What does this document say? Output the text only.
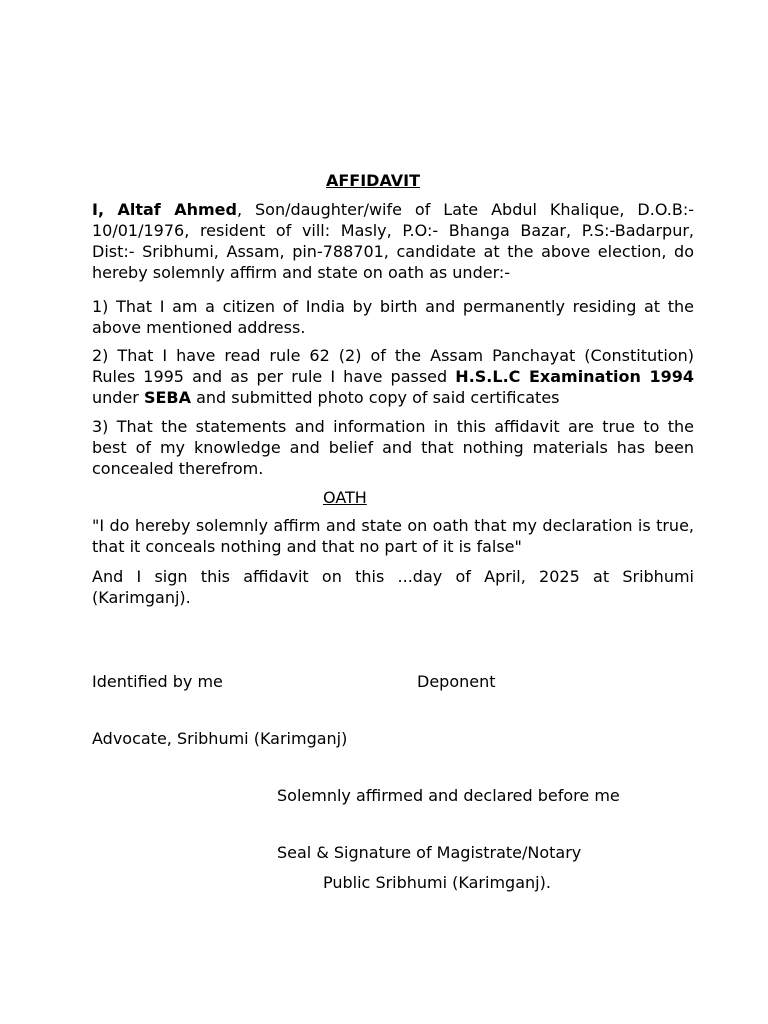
AFFIDAVIT
I, Altaf Ahmed, Son/daughter/wife of Late Abdul Khalique, D.O.B:- 10/01/1976, resident of vill: Masly, P.O:- Bhanga Bazar, P.S:-Badarpur, Dist:- Sribhumi, Assam, pin-788701, candidate at the above election, do hereby solemnly affirm and state on oath as under:-
1) That I am a citizen of India by birth and permanently residing at the above mentioned address.
2) That I have read rule 62 (2) of the Assam Panchayat (Constitution) Rules 1995 and as per rule I have passed H.S.L.C Examination 1994 under SEBA and submitted photo copy of said certificates
3) That the statements and information in this affidavit are true to the best of my knowledge and belief and that nothing materials has been concealed therefrom.
OATH
"I do hereby solemnly affirm and state on oath that my declaration is true, that it conceals nothing and that no part of it is false"
And I sign this affidavit on this ...day of April, 2025 at Sribhumi (Karimganj).
Identified by me	Deponent
Advocate, Sribhumi (Karimganj)
Solemnly affirmed and declared before me
Seal & Signature of Magistrate/Notary
Public Sribhumi (Karimganj).
